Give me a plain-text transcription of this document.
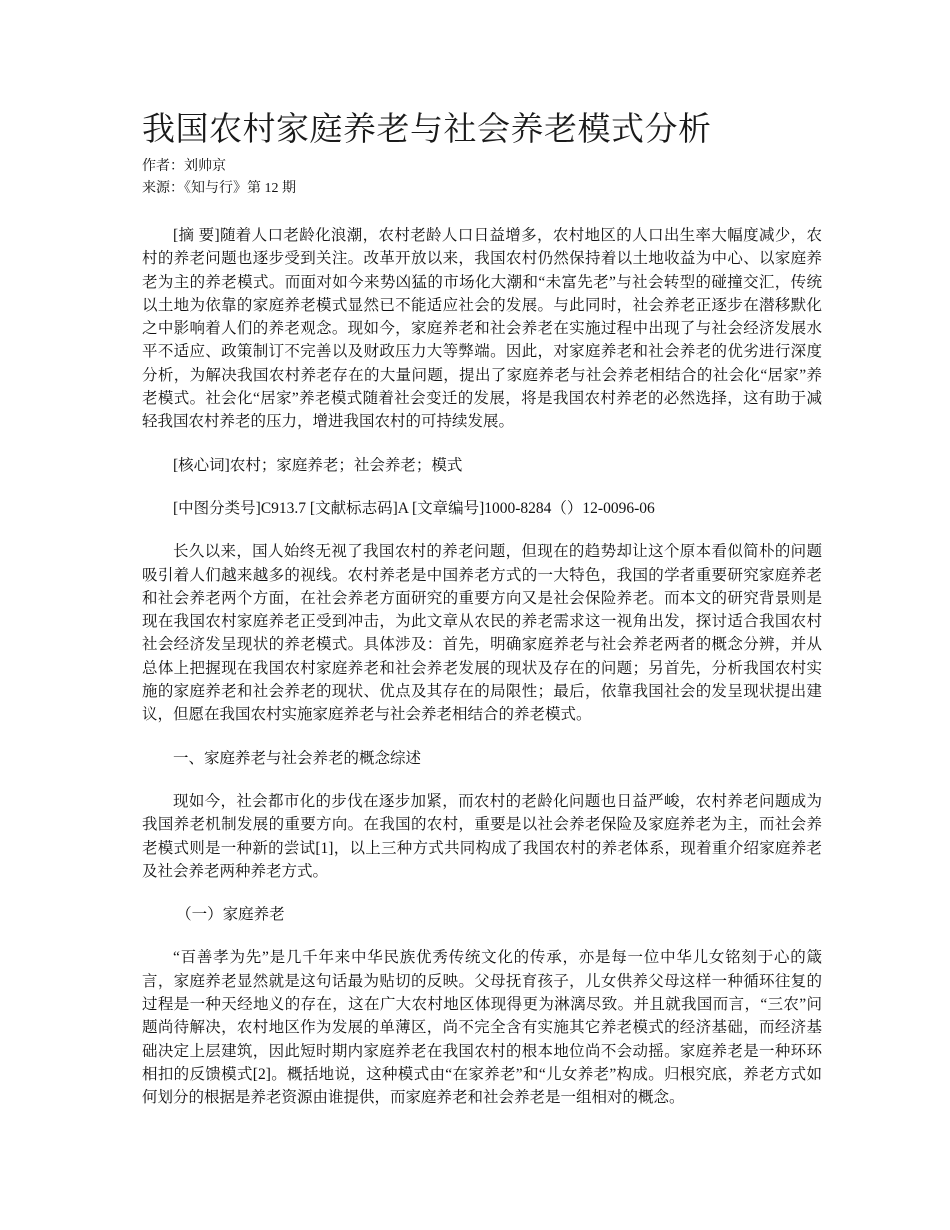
我国农村家庭养老与社会养老模式分析

作者：刘帅京

来源：《知与行》第 12 期

[摘 要]随着人口老龄化浪潮，农村老龄人口日益增多，农村地区的人口出生率大幅度减少，农村的养老问题也逐步受到关注。改革开放以来，我国农村仍然保持着以土地收益为中心、以家庭养老为主的养老模式。而面对如今来势凶猛的市场化大潮和“未富先老”与社会转型的碰撞交汇，传统以土地为依靠的家庭养老模式显然已不能适应社会的发展。与此同时，社会养老正逐步在潜移默化之中影响着人们的养老观念。现如今，家庭养老和社会养老在实施过程中出现了与社会经济发展水平不适应、政策制订不完善以及财政压力大等弊端。因此，对家庭养老和社会养老的优劣进行深度分析，为解决我国农村养老存在的大量问题，提出了家庭养老与社会养老相结合的社会化“居家”养老模式。社会化“居家”养老模式随着社会变迁的发展，将是我国农村养老的必然选择，这有助于减轻我国农村养老的压力，增进我国农村的可持续发展。

[核心词]农村；家庭养老；社会养老；模式

[中图分类号]C913.7 [文献标志码]A [文章编号]1000-8284（）12-0096-06

长久以来，国人始终无视了我国农村的养老问题，但现在的趋势却让这个原本看似简朴的问题吸引着人们越来越多的视线。农村养老是中国养老方式的一大特色，我国的学者重要研究家庭养老和社会养老两个方面，在社会养老方面研究的重要方向又是社会保险养老。而本文的研究背景则是现在我国农村家庭养老正受到冲击，为此文章从农民的养老需求这一视角出发，探讨适合我国农村社会经济发呈现状的养老模式。具体涉及：首先，明确家庭养老与社会养老两者的概念分辨，并从总体上把握现在我国农村家庭养老和社会养老发展的现状及存在的问题；另首先，分析我国农村实施的家庭养老和社会养老的现状、优点及其存在的局限性；最后，依靠我国社会的发呈现状提出建议，但愿在我国农村实施家庭养老与社会养老相结合的养老模式。

一、家庭养老与社会养老的概念综述

现如今，社会都市化的步伐在逐步加紧，而农村的老龄化问题也日益严峻，农村养老问题成为我国养老机制发展的重要方向。在我国的农村，重要是以社会养老保险及家庭养老为主，而社会养老模式则是一种新的尝试[1]，以上三种方式共同构成了我国农村的养老体系，现着重介绍家庭养老及社会养老两种养老方式。

（一）家庭养老

“百善孝为先”是几千年来中华民族优秀传统文化的传承，亦是每一位中华儿女铭刻于心的箴言，家庭养老显然就是这句话最为贴切的反映。父母抚育孩子，儿女供养父母这样一种循环往复的过程是一种天经地义的存在，这在广大农村地区体现得更为淋漓尽致。并且就我国而言，“三农”问题尚待解决，农村地区作为发展的单薄区，尚不完全含有实施其它养老模式的经济基础，而经济基础决定上层建筑，因此短时期内家庭养老在我国农村的根本地位尚不会动摇。家庭养老是一种环环相扣的反馈模式[2]。概括地说，这种模式由“在家养老”和“儿女养老”构成。归根究底，养老方式如何划分的根据是养老资源由谁提供，而家庭养老和社会养老是一组相对的概念。
